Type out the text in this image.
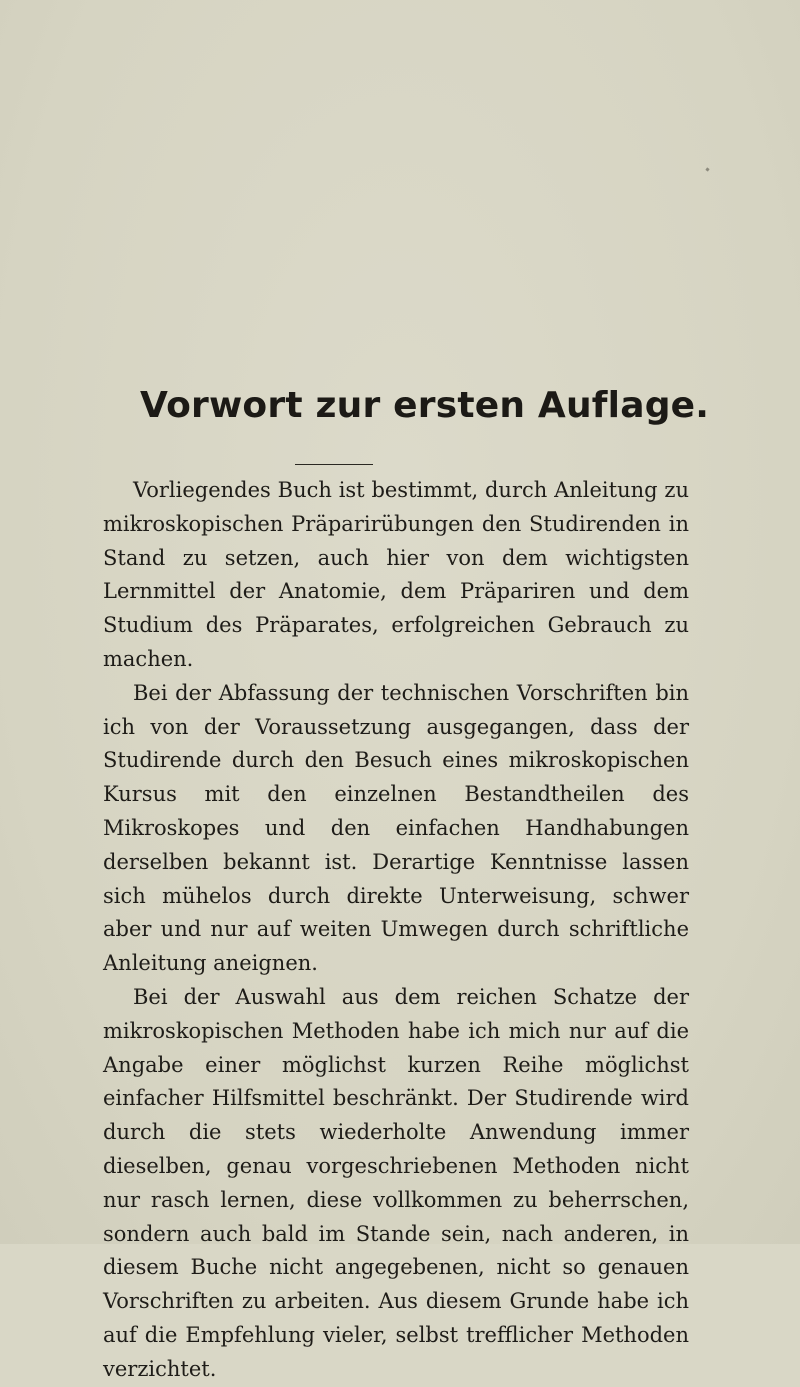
Vorwort zur ersten Auflage.

Vorliegendes Buch ist bestimmt, durch Anleitung zu mikroskopischen Präparirübungen den Studirenden in Stand zu setzen, auch hier von dem wichtigsten Lernmittel der Anatomie, dem Präpariren und dem Studium des Präparates, erfolgreichen Gebrauch zu machen.

Bei der Abfassung der technischen Vorschriften bin ich von der Voraussetzung ausgegangen, dass der Studirende durch den Besuch eines mikroskopischen Kursus mit den einzelnen Bestandtheilen des Mikroskopes und den einfachen Handhabungen derselben bekannt ist. Derartige Kenntnisse lassen sich mühelos durch direkte Unterweisung, schwer aber und nur auf weiten Umwegen durch schriftliche Anleitung aneignen.

Bei der Auswahl aus dem reichen Schatze der mikroskopischen Methoden habe ich mich nur auf die Angabe einer möglichst kurzen Reihe möglichst einfacher Hilfsmittel beschränkt. Der Studirende wird durch die stets wiederholte Anwendung immer dieselben, genau vorgeschriebenen Methoden nicht nur rasch lernen, diese vollkommen zu beherrschen, sondern auch bald im Stande sein, nach anderen, in diesem Buche nicht angegebenen, nicht so genauen Vorschriften zu arbeiten. Aus diesem Grunde habe ich auf die Empfehlung vieler, selbst trefflicher Methoden verzichtet.
